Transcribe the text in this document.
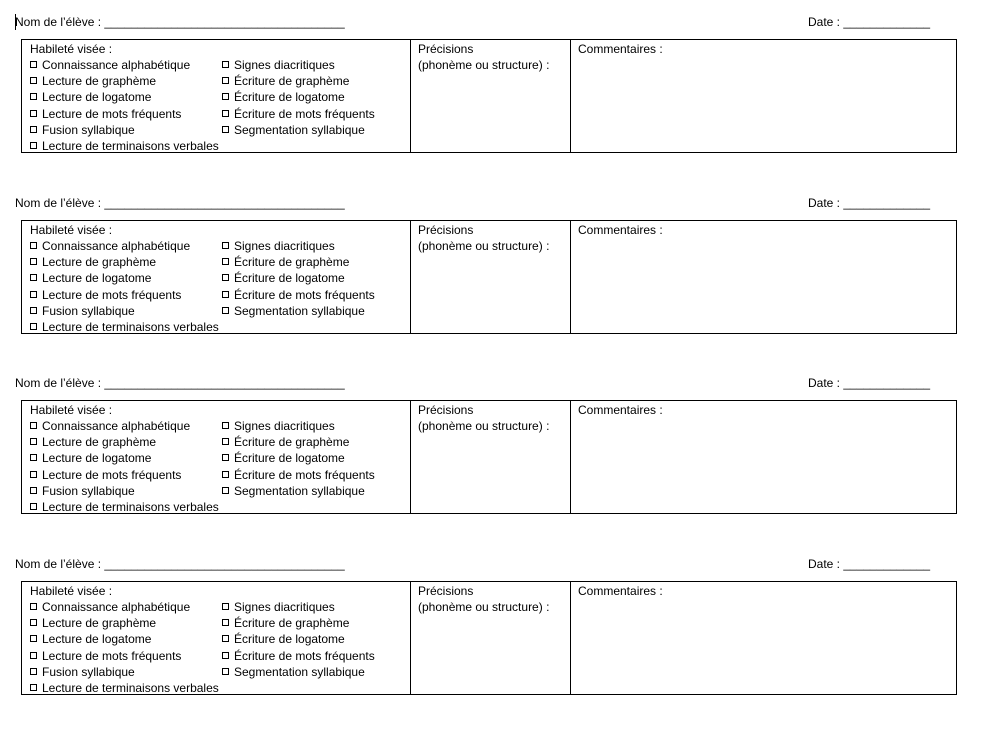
Nom de l’élève : ____________________________________	Date : _____________
Habileté visée :
Connaissance alphabétique	Signes diacritiques
Lecture de graphème	Écriture de graphème
Lecture de logatome	Écriture de logatome
Lecture de mots fréquents	Écriture de mots fréquents
Fusion syllabique	Segmentation syllabique
Lecture de terminaisons verbales
Précisions
(phonème ou structure) :
Commentaires :
Nom de l’élève : ____________________________________	Date : _____________
Habileté visée :
Connaissance alphabétique	Signes diacritiques
Lecture de graphème	Écriture de graphème
Lecture de logatome	Écriture de logatome
Lecture de mots fréquents	Écriture de mots fréquents
Fusion syllabique	Segmentation syllabique
Lecture de terminaisons verbales
Précisions
(phonème ou structure) :
Commentaires :
Nom de l’élève : ____________________________________	Date : _____________
Habileté visée :
Connaissance alphabétique	Signes diacritiques
Lecture de graphème	Écriture de graphème
Lecture de logatome	Écriture de logatome
Lecture de mots fréquents	Écriture de mots fréquents
Fusion syllabique	Segmentation syllabique
Lecture de terminaisons verbales
Précisions
(phonème ou structure) :
Commentaires :
Nom de l’élève : ____________________________________	Date : _____________
Habileté visée :
Connaissance alphabétique	Signes diacritiques
Lecture de graphème	Écriture de graphème
Lecture de logatome	Écriture de logatome
Lecture de mots fréquents	Écriture de mots fréquents
Fusion syllabique	Segmentation syllabique
Lecture de terminaisons verbales
Précisions
(phonème ou structure) :
Commentaires :
